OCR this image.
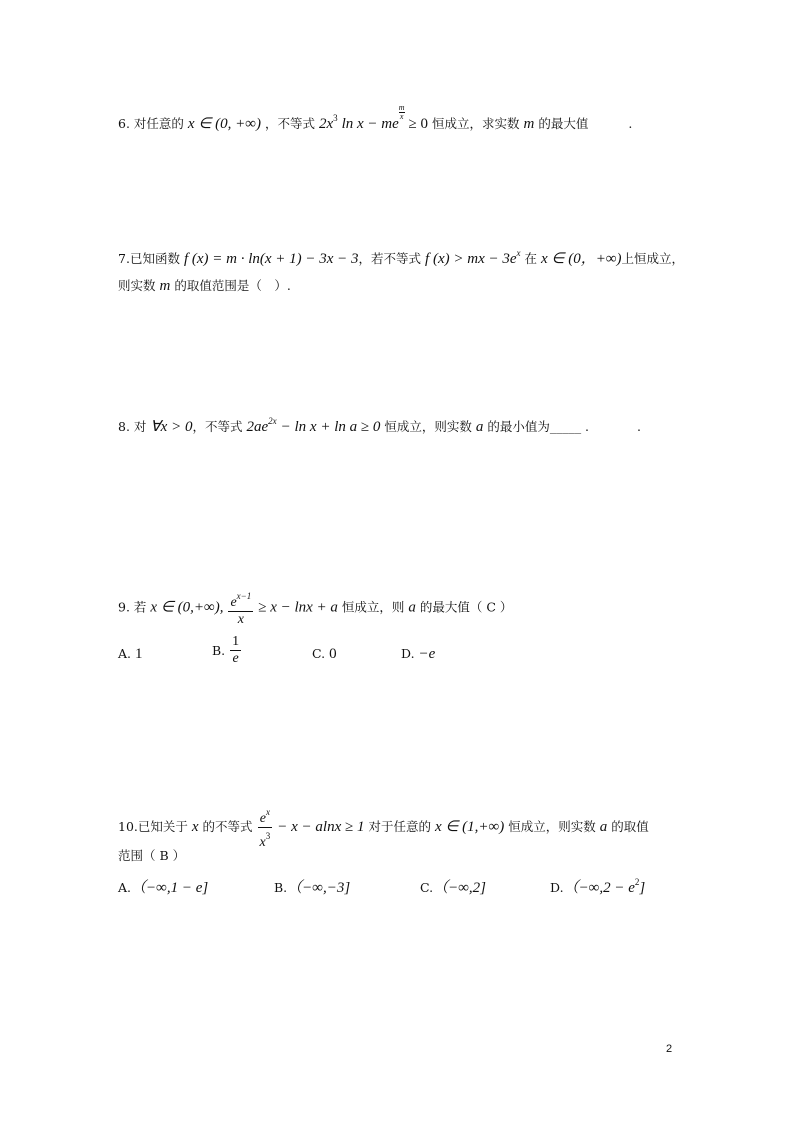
6. 对任意的 x ∈ (0, +∞) ，不等式 $2x^3$ ln x − me
$\frac{m}{x}$
≥ 0 恒成立，求实数 m 的最大值	.
7.已知函数 f (x) = m · ln(x + 1) − 3x − 3，若不等式 f (x) > mx − $3e^x$ 在 x ∈ (0，+∞)上恒成立，
则实数 m 的取值范围是（　）.
8. 对 ∀x > 0，不等式 $2ae^{2x} - \ln x + \ln a \ge 0$ 恒成立，则实数 a 的最小值为_____ .	.
9. 若 x ∈ (0,+∞), $\frac{e^{x-1}}{x} \ge x - \ln x + a$ 恒成立，则 a 的最大值（ C ）
A. 1	B. $\frac{1}{e}$	C. 0	D. −e
10.已知关于 x 的不等式 $\frac{e^x}{x^3} - x - alnx \ge 1$ 对于任意的 x ∈ (1,+∞) 恒成立，则实数 a 的取值
范围（ B ）
A.（−∞,1 − e]	B.（−∞,−3]	C.（−∞,2]	$D.(-\infty,2 - e^2]$
2
